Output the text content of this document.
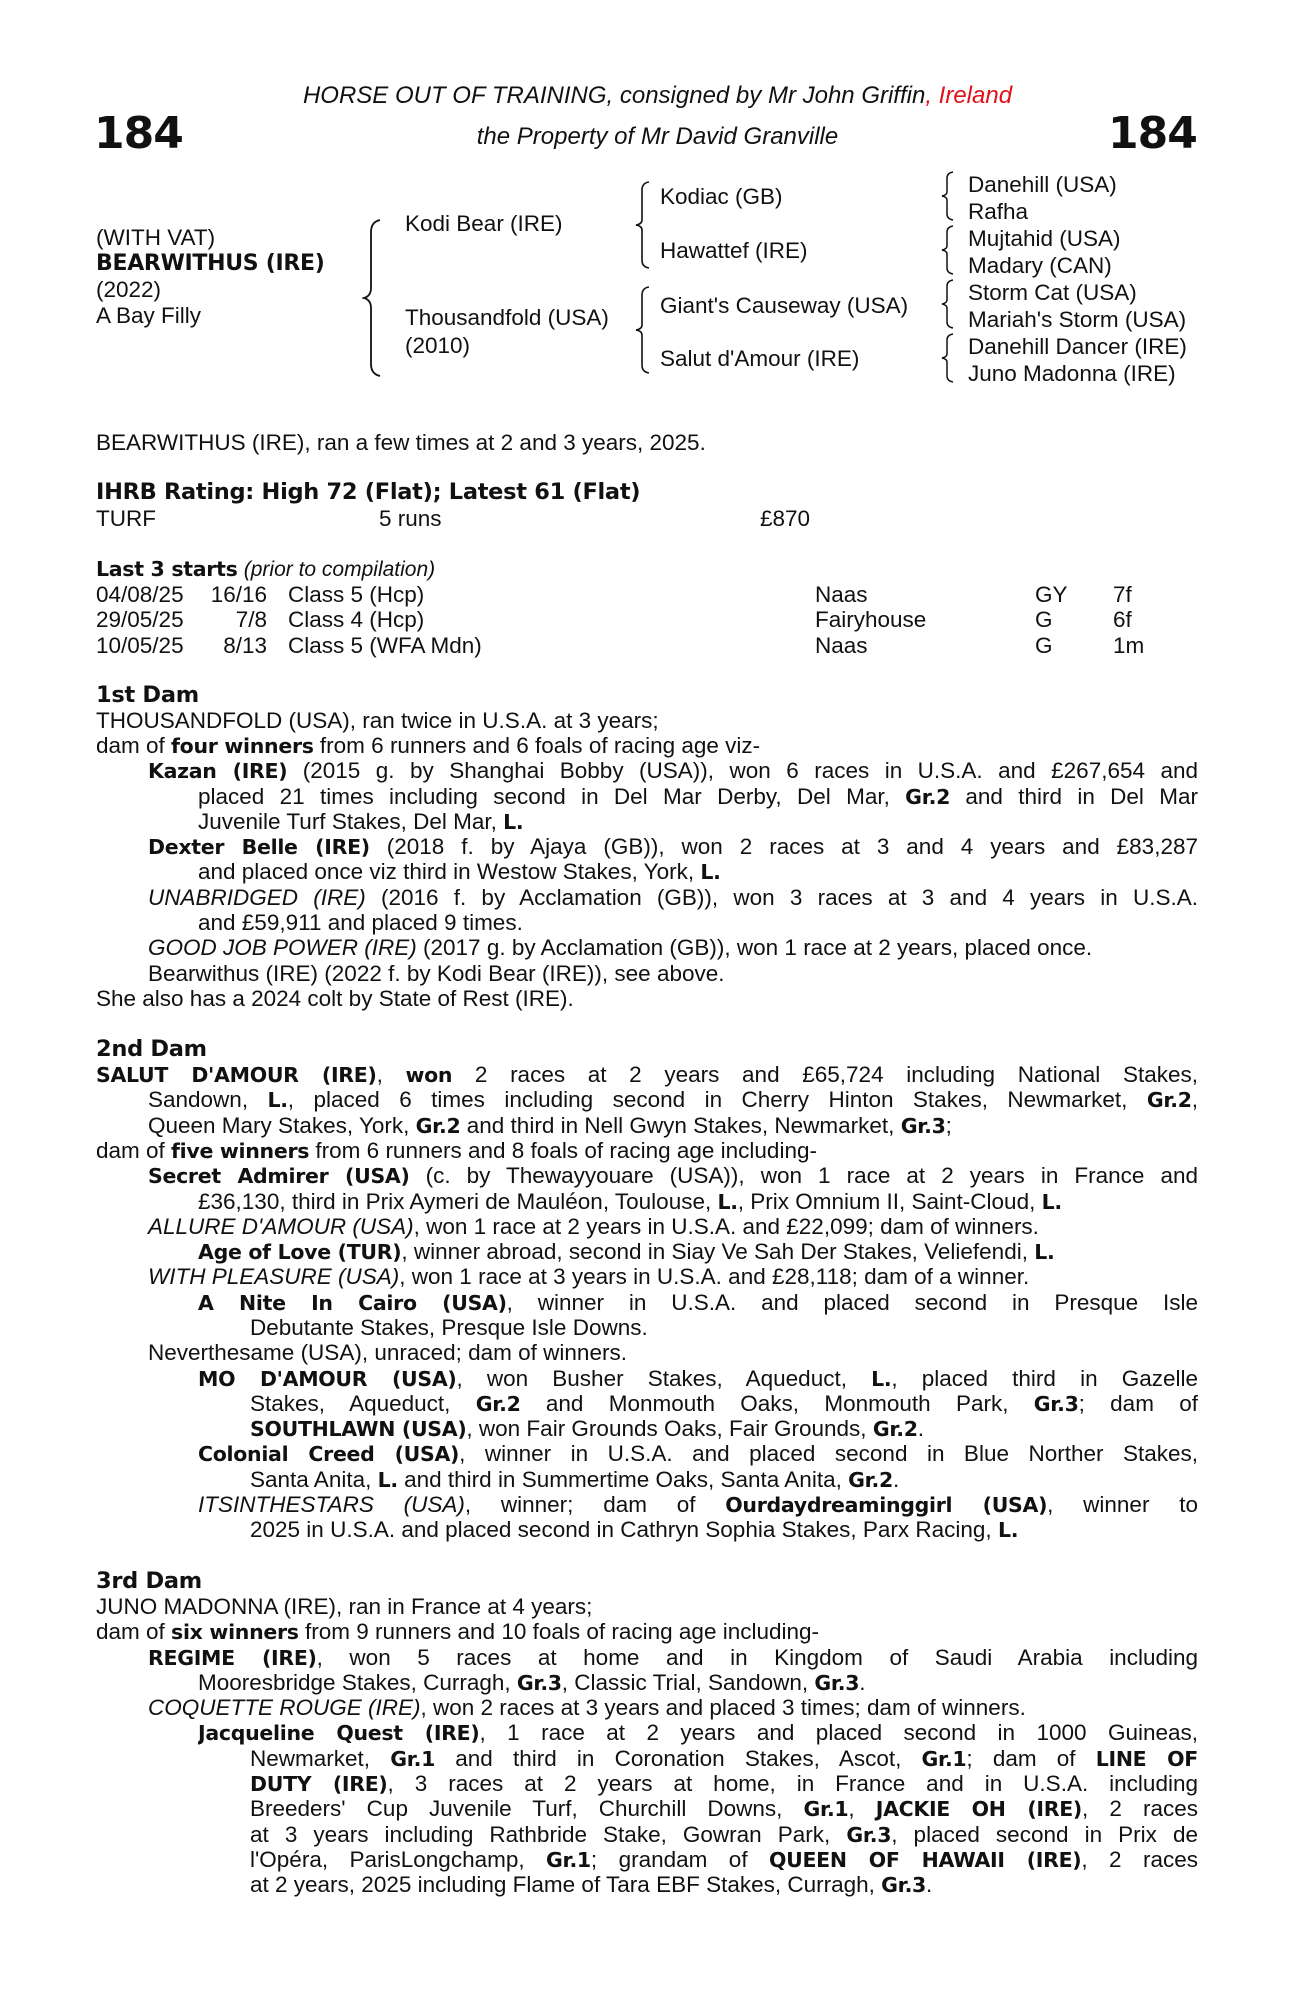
HORSE OUT OF TRAINING, consigned by Mr John Griffin, Ireland
the Property of Mr David Granville
184	184
(WITH VAT)
BEARWITHUS (IRE)
(2022)
A Bay Filly
Kodi Bear (IRE)
Thousandfold (USA)
(2010)
Kodiac (GB)
Hawattef (IRE)
Giant's Causeway (USA)
Salut d'Amour (IRE)
Danehill (USA)
Rafha
Mujtahid (USA)
Madary (CAN)
Storm Cat (USA)
Mariah's Storm (USA)
Danehill Dancer (IRE)
Juno Madonna (IRE)
BEARWITHUS (IRE), ran a few times at 2 and 3 years, 2025.
IHRB Rating: High 72 (Flat); Latest 61 (Flat)
TURF	5 runs	£870
Last 3 starts (prior to compilation)
04/08/25	16/16 Class 5 (Hcp)	Naas	GY 7f
29/05/25	7/8 Class 4 (Hcp)	Fairyhouse	G	6f
10/05/25	8/13 Class 5 (WFA Mdn)	Naas	G	1m
1st Dam
THOUSANDFOLD (USA), ran twice in U.S.A. at 3 years;
dam of four winners from 6 runners and 6 foals of racing age viz-
Kazan (IRE) (2015 g. by Shanghai Bobby (USA)), won 6 races in U.S.A. and £267,654 and
placed 21 times including second in Del Mar Derby, Del Mar, Gr.2 and third in Del Mar
Juvenile Turf Stakes, Del Mar, L.
Dexter Belle (IRE) (2018 f. by Ajaya (GB)), won 2 races at 3 and 4 years and £83,287
and placed once viz third in Westow Stakes, York, L.
UNABRIDGED (IRE) (2016 f. by Acclamation (GB)), won 3 races at 3 and 4 years in U.S.A.
and £59,911 and placed 9 times.
GOOD JOB POWER (IRE) (2017 g. by Acclamation (GB)), won 1 race at 2 years, placed once.
Bearwithus (IRE) (2022 f. by Kodi Bear (IRE)), see above.
She also has a 2024 colt by State of Rest (IRE).
2nd Dam
SALUT D'AMOUR (IRE), won 2 races at 2 years and £65,724 including National Stakes,
Sandown, L., placed 6 times including second in Cherry Hinton Stakes, Newmarket, Gr.2,
Queen Mary Stakes, York, Gr.2 and third in Nell Gwyn Stakes, Newmarket, Gr.3;
dam of five winners from 6 runners and 8 foals of racing age including-
Secret Admirer (USA) (c. by Thewayyouare (USA)), won 1 race at 2 years in France and
£36,130, third in Prix Aymeri de Mauléon, Toulouse, L., Prix Omnium II, Saint-Cloud, L.
ALLURE D'AMOUR (USA), won 1 race at 2 years in U.S.A. and £22,099; dam of winners.
Age of Love (TUR), winner abroad, second in Siay Ve Sah Der Stakes, Veliefendi, L.
WITH PLEASURE (USA), won 1 race at 3 years in U.S.A. and £28,118; dam of a winner.
A Nite In Cairo (USA), winner in U.S.A. and placed second in Presque Isle
Debutante Stakes, Presque Isle Downs.
Neverthesame (USA), unraced; dam of winners.
MO D'AMOUR (USA), won Busher Stakes, Aqueduct, L., placed third in Gazelle
Stakes, Aqueduct, Gr.2 and Monmouth Oaks, Monmouth Park, Gr.3; dam of
SOUTHLAWN (USA), won Fair Grounds Oaks, Fair Grounds, Gr.2.
Colonial Creed (USA), winner in U.S.A. and placed second in Blue Norther Stakes,
Santa Anita, L. and third in Summertime Oaks, Santa Anita, Gr.2.
ITSINTHESTARS (USA), winner; dam of Ourdaydreaminggirl (USA), winner to
2025 in U.S.A. and placed second in Cathryn Sophia Stakes, Parx Racing, L.
3rd Dam
JUNO MADONNA (IRE), ran in France at 4 years;
dam of six winners from 9 runners and 10 foals of racing age including-
REGIME (IRE), won 5 races at home and in Kingdom of Saudi Arabia including
Mooresbridge Stakes, Curragh, Gr.3, Classic Trial, Sandown, Gr.3.
COQUETTE ROUGE (IRE), won 2 races at 3 years and placed 3 times; dam of winners.
Jacqueline Quest (IRE), 1 race at 2 years and placed second in 1000 Guineas,
Newmarket, Gr.1 and third in Coronation Stakes, Ascot, Gr.1; dam of LINE OF
DUTY (IRE), 3 races at 2 years at home, in France and in U.S.A. including
Breeders' Cup Juvenile Turf, Churchill Downs, Gr.1, JACKIE OH (IRE), 2 races
at 3 years including Rathbride Stake, Gowran Park, Gr.3, placed second in Prix de
l'Opéra, ParisLongchamp, Gr.1; grandam of QUEEN OF HAWAII (IRE), 2 races
at 2 years, 2025 including Flame of Tara EBF Stakes, Curragh, Gr.3.
